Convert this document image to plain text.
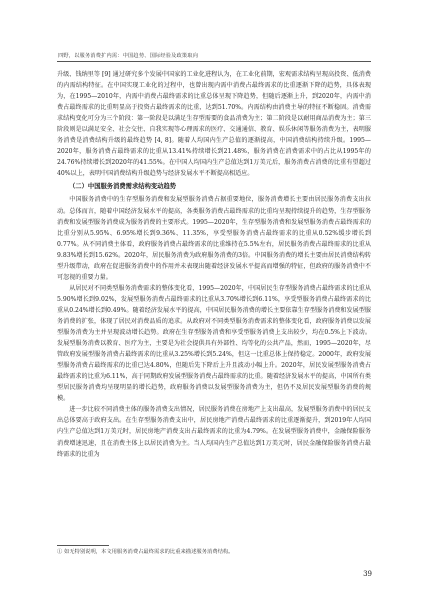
四野，以服务消费扩内需：中国趋势、国际经验及政策取向

升级、钱纳里等 [9] 通过研究多个发展中国家的工业化进程认为，在工业化前期，宏观需求结构呈现高投资、低消费的内需结构特征。在中国实现工业化的过程中，也曾出现内需中消费占最终需求的比重逐渐下降的趋势，具体表现为，在1995—2010年，内需中消费占最终需求的比重总体呈现下降趋势，但随后逐渐上升，到2020年，内需中消费占最终需求的比重明显高于投资占最终需求的比重，达到51.70%。内需结构由消费主导的特征不断稳固。消费需求结构变化可分为三个阶段：第一阶段是以满足生存型需要的食品消费为主；第二阶段是以耐用商品消费为主；第三阶段则是以满足安全、社会交往、自我实现等心理需求的医疗、交通通信、教育、娱乐休闲等服务消费为主，表明服务消费是消费结构升级的最终趋势 [4, 8]。随着人均国内生产总值的逐渐提高，中国消费结构持续升级。1995—2020年，服务消费占最终需求的比重从13.41%持续增长到21.48%，服务消费在消费需求中的占比从1995年的24.76%持续增长到2020年的41.55%。在中国人均国内生产总值达到1万美元后，服务消费占消费的比重有望超过40%以上，表明中国消费结构升级趋势与经济发展水平不断提高相适应。

（二）中国服务消费需求结构变动趋势

中国服务消费中的生存型服务消费和发展型服务消费占据重要地位，服务消费增长主要由居民服务消费支出拉动。总体而言，随着中国经济发展水平的提高，各类服务消费占最终需求的比重均呈现持续提升的趋势，生存型服务消费和发展型服务消费成为服务消费的主要形式。1995—2020年，生存型服务消费和发展型服务消费占最终需求的比重分别从5.95%、6.95%增长到9.36%、11.35%，享受型服务消费占最终需求的比重从0.52%缓步增长到0.77%。从不同消费主体看，政府服务消费占最终需求的比重维持在5.5%左右，居民服务消费占最终需求的比重从9.83%增长到15.62%。2020年，居民服务消费为政府服务消费的3倍。中国服务消费的增长主要由居民消费结构转型升级带动，政府在促进服务消费中的作用并未表现出随着经济发展水平提高而增强的特征，但政府的服务消费中不可忽视的重要力量。

从居民对不同类型服务消费需求的整体变化看，1995—2020年，中国居民生存型服务消费占最终需求的比重从5.90%增长到9.02%，发展型服务消费占最终需求的比重从3.70%增长到6.11%，享受型服务消费占最终需求的比重从0.24%增长到0.49%。随着经济发展水平的提高，中国居民服务消费的增长主要依靠生存型服务消费和发展型服务消费的扩张，体现了居民对消费品质的追求。从政府对不同类型服务消费需求的整体变化看，政府服务消费以发展型服务消费为主并呈现波动增长趋势。政府在生存型服务消费和享受型服务消费上支出较少，均在0.5%上下波动。发展型服务消费以教育、医疗为主，主要是为社会提供具有外部性、均等化的公共产品，然而，1995—2020年，尽管政府发展型服务消费占最终需求的比重从3.25%增长到5.24%，但这一比重总体上保持稳定。2000年，政府发展型服务消费占最终需求的比重已达4.80%，但随后先下降后上升且波动小幅上升。2020年，居民发展型服务消费占最终需求的比重为6.11%，高于同期政府发展型服务消费占最终需求的比重。随着经济发展水平的提高，中国所有类型居民服务消费均呈现明显的增长趋势，政府服务消费以发展型服务消费为主，但仍不及居民发展型服务消费的规模。

进一步比较不同消费主体的服务消费支出情况，居民服务消费在房地产上支出最高，发展型服务消费中的居民支出总体要高于政府支出。在生存型服务消费支出中，居民房地产消费占最终需求的比重逐渐提升，到2019年人均国内生产总值达到1万美元时，居民房地产消费支出占最终需求的比重为4.79%。在发展型服务消费中，金融保险服务消费增速迅速，且在消费主体上以居民消费为主。当人均国内生产总值达到1万美元时，居民金融保险服务消费占最终需求的比重为

① 如无特别说明，本文用服务消费占最终需求的比重来描述服务消费结构。
39
